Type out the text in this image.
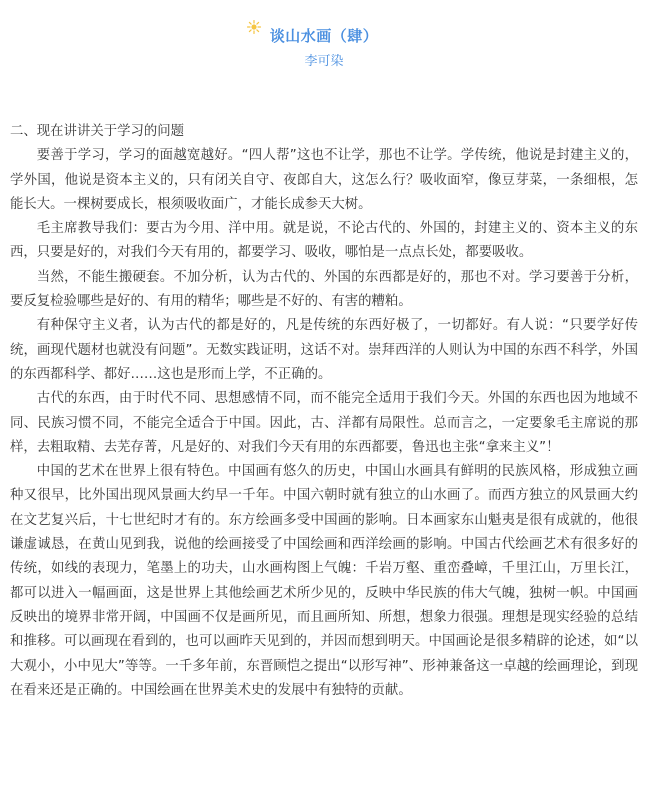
谈山水画（肆）
李可染

二、现在讲讲关于学习的问题

要善于学习，学习的面越宽越好。“四人帮”这也不让学，那也不让学。学传统，他说是封建主义的，学外国，他说是资本主义的，只有闭关自守、夜郎自大，这怎么行？吸收面窄，像豆芽菜，一条细根，怎能长大。一棵树要成长，根须吸收面广，才能长成参天大树。

毛主席教导我们：要古为今用、洋中用。就是说，不论古代的、外国的，封建主义的、资本主义的东西，只要是好的，对我们今天有用的，都要学习、吸收，哪怕是一点点长处，都要吸收。

当然，不能生搬硬套。不加分析，认为古代的、外国的东西都是好的，那也不对。学习要善于分析，要反复检验哪些是好的、有用的精华；哪些是不好的、有害的糟粕。

有种保守主义者，认为古代的都是好的，凡是传统的东西好极了，一切都好。有人说：“只要学好传统，画现代题材也就没有问题”。无数实践证明，这话不对。崇拜西洋的人则认为中国的东西不科学，外国的东西都科学、都好……这也是形而上学，不正确的。

古代的东西，由于时代不同、思想感情不同，而不能完全适用于我们今天。外国的东西也因为地域不同、民族习惯不同，不能完全适合于中国。因此，古、洋都有局限性。总而言之，一定要象毛主席说的那样，去粗取精、去芜存菁，凡是好的、对我们今天有用的东西都要，鲁迅也主张“拿来主义”！

中国的艺术在世界上很有特色。中国画有悠久的历史，中国山水画具有鲜明的民族风格，形成独立画种又很早，比外国出现风景画大约早一千年。中国六朝时就有独立的山水画了。而西方独立的风景画大约在文艺复兴后，十七世纪时才有的。东方绘画多受中国画的影响。日本画家东山魁夷是很有成就的，他很谦虚诚恳，在黄山见到我，说他的绘画接受了中国绘画和西洋绘画的影响。中国古代绘画艺术有很多好的传统，如线的表现力，笔墨上的功夫，山水画构图上气魄：千岩万壑、重峦叠嶂，千里江山，万里长江，都可以进入一幅画面，这是世界上其他绘画艺术所少见的，反映中华民族的伟大气魄，独树一帜。中国画反映出的境界非常开阔，中国画不仅是画所见，而且画所知、所想，想象力很强。理想是现实经验的总结和推移。可以画现在看到的，也可以画昨天见到的，并因而想到明天。中国画论是很多精辟的论述，如“以大观小，小中见大”等等。一千多年前，东晋顾恺之提出“以形写神”、形神兼备这一卓越的绘画理论，到现在看来还是正确的。中国绘画在世界美术史的发展中有独特的贡献。
